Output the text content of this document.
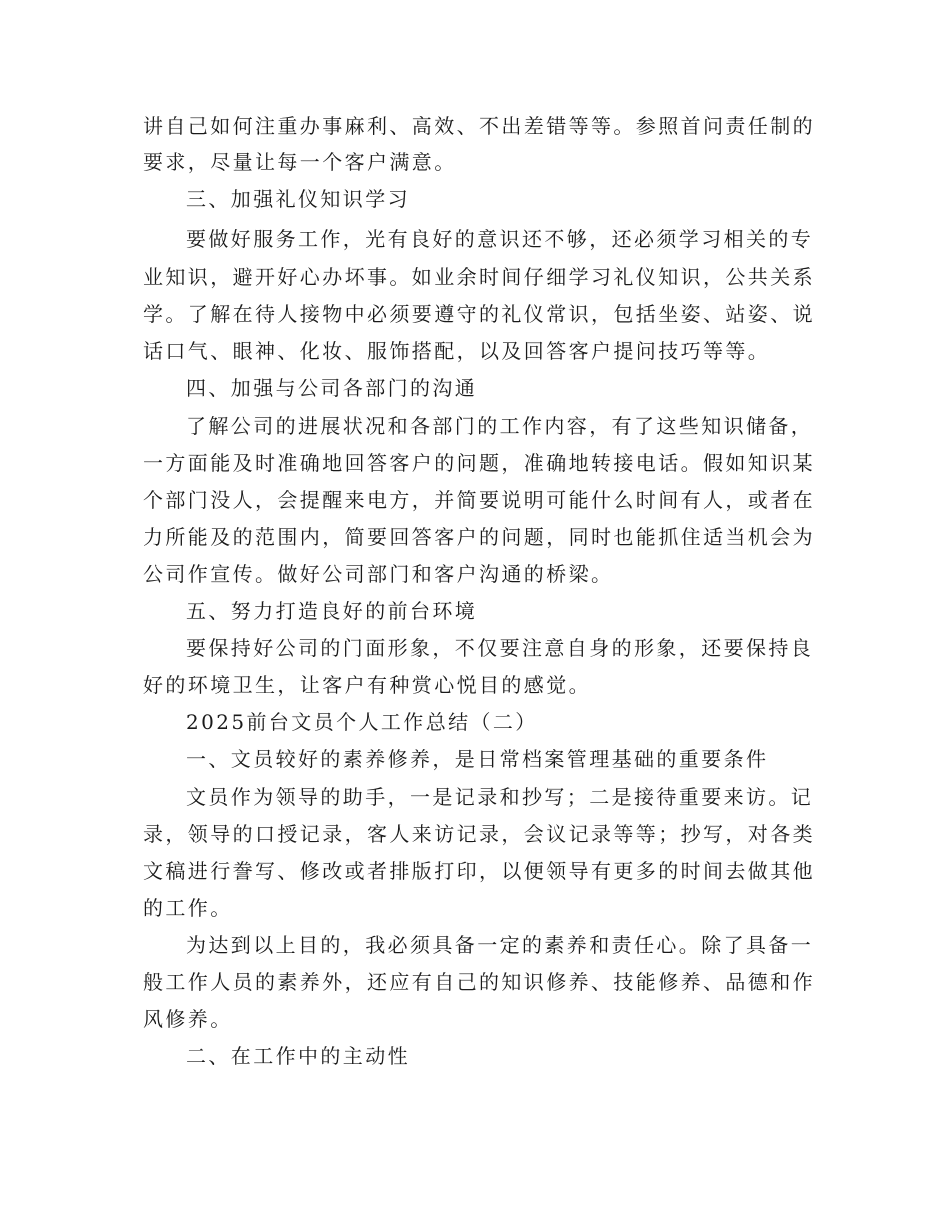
讲自己如何注重办事麻利、高效、不出差错等等。参照首问责任制的
要求，尽量让每一个客户满意。
三、加强礼仪知识学习
要做好服务工作，光有良好的意识还不够，还必须学习相关的专
业知识，避开好心办坏事。如业余时间仔细学习礼仪知识，公共关系
学。了解在待人接物中必须要遵守的礼仪常识，包括坐姿、站姿、说
话口气、眼神、化妆、服饰搭配，以及回答客户提问技巧等等。
四、加强与公司各部门的沟通
了解公司的进展状况和各部门的工作内容，有了这些知识储备，
一方面能及时准确地回答客户的问题，准确地转接电话。假如知识某
个部门没人，会提醒来电方，并简要说明可能什么时间有人，或者在
力所能及的范围内，简要回答客户的问题，同时也能抓住适当机会为
公司作宣传。做好公司部门和客户沟通的桥梁。
五、努力打造良好的前台环境
要保持好公司的门面形象，不仅要注意自身的形象，还要保持良
好的环境卫生，让客户有种赏心悦目的感觉。
2025前台文员个人工作总结（二）
一、文员较好的素养修养，是日常档案管理基础的重要条件
文员作为领导的助手，一是记录和抄写；二是接待重要来访。记
录，领导的口授记录，客人来访记录，会议记录等等；抄写，对各类
文稿进行誊写、修改或者排版打印，以便领导有更多的时间去做其他
的工作。
为达到以上目的，我必须具备一定的素养和责任心。除了具备一
般工作人员的素养外，还应有自己的知识修养、技能修养、品德和作
风修养。
二、在工作中的主动性
